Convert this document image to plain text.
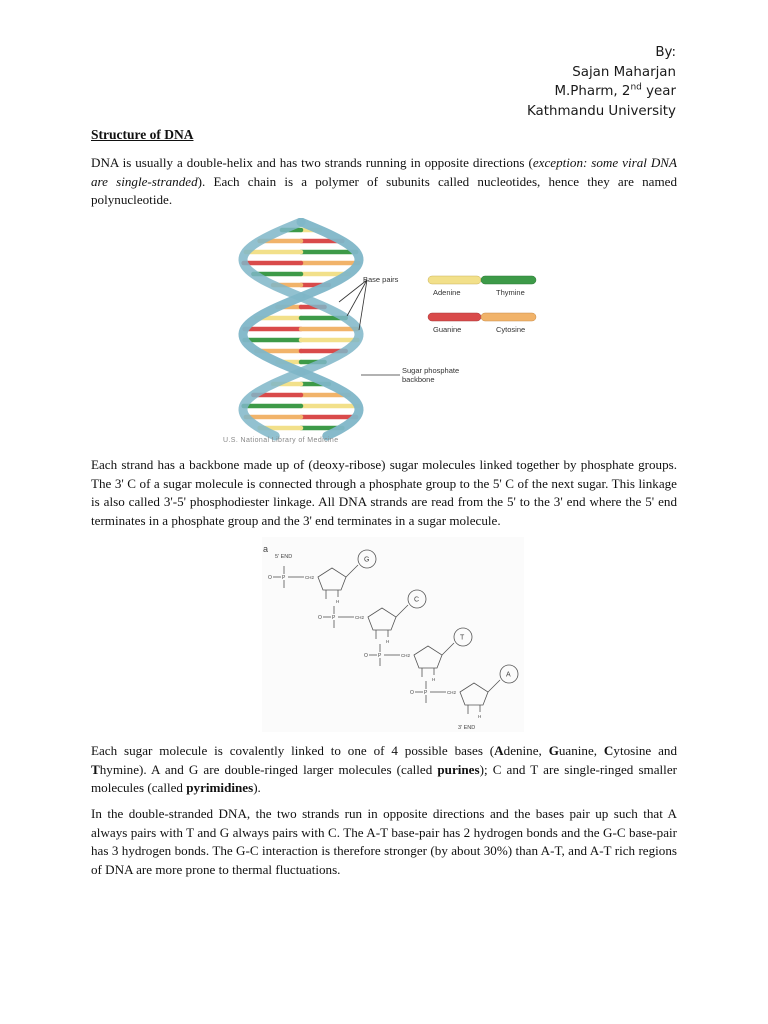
By:
Sajan Maharjan
M.Pharm, 2nd year
Kathmandu University
Structure of DNA
DNA is usually a double-helix and has two strands running in opposite directions (exception: some viral DNA are single-stranded). Each chain is a polymer of subunits called nucleotides, hence they are named polynucleotide.
Base pairs
Adenine	Thymine
Guanine	Cytosine
Sugar phosphate
backbone
U.S. National Library of Medicine
Each strand has a backbone made up of (deoxy-ribose) sugar molecules linked together by phosphate groups. The 3' C of a sugar molecule is connected through a phosphate group to the 5' C of the next sugar. This linkage is also called 3'-5' phosphodiester linkage. All DNA strands are read from the 5' to the 3' end where the 5' end terminates in a phosphate group and the 3' end terminates in a sugar molecule.
a
5' END
O P	CH2
G
H
O P	CH2
C
H
O P	CH2
T
H
O P	CH2
A
H
3' END
Each sugar molecule is covalently linked to one of 4 possible bases (Adenine, Guanine, Cytosine and Thymine). A and G are double-ringed larger molecules (called purines); C and T are single-ringed smaller molecules (called pyrimidines).
In the double-stranded DNA, the two strands run in opposite directions and the bases pair up such that A always pairs with T and G always pairs with C. The A-T base-pair has 2 hydrogen bonds and the G-C base-pair has 3 hydrogen bonds. The G-C interaction is therefore stronger (by about 30%) than A-T, and A-T rich regions of DNA are more prone to thermal fluctuations.
